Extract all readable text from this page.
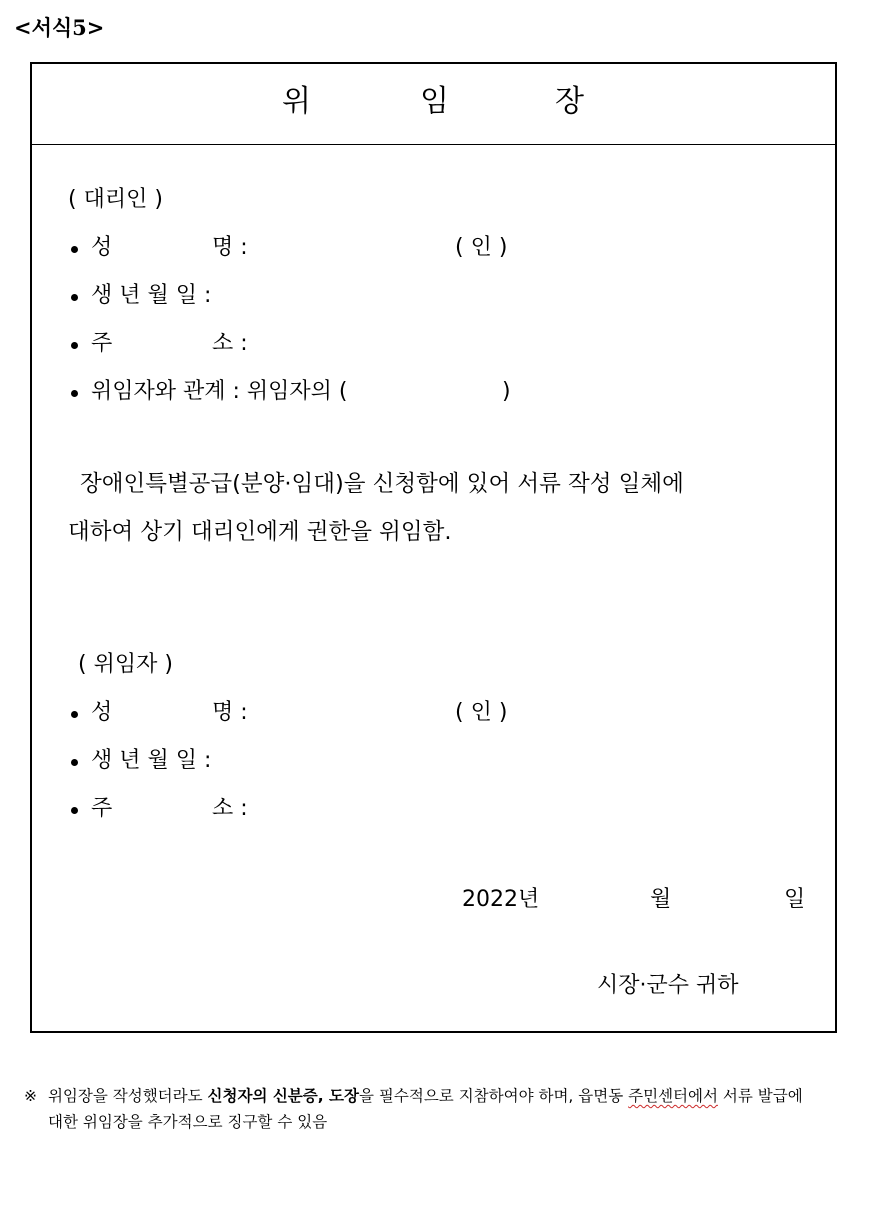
<서식5>
위	임	장
( 대리인 )
성	명 :	( 인 )
생 년 월 일 :
주	소 :
위임자와 관계 : 위임자의 (	)
장애인특별공급(분양·임대)을 신청함에 있어 서류 작성 일체에
대하여 상기 대리인에게 권한을 위임함.
( 위임자 )
성	명 :	( 인 )
생 년 월 일 :
주	소 :
2022년	월	일
시장·군수 귀하
※ 위임장을 작성했더라도 신청자의 신분증, 도장을 필수적으로 지참하여야 하며, 읍면동 주민센터에서 서류 발급에
대한 위임장을 추가적으로 징구할 수 있음
